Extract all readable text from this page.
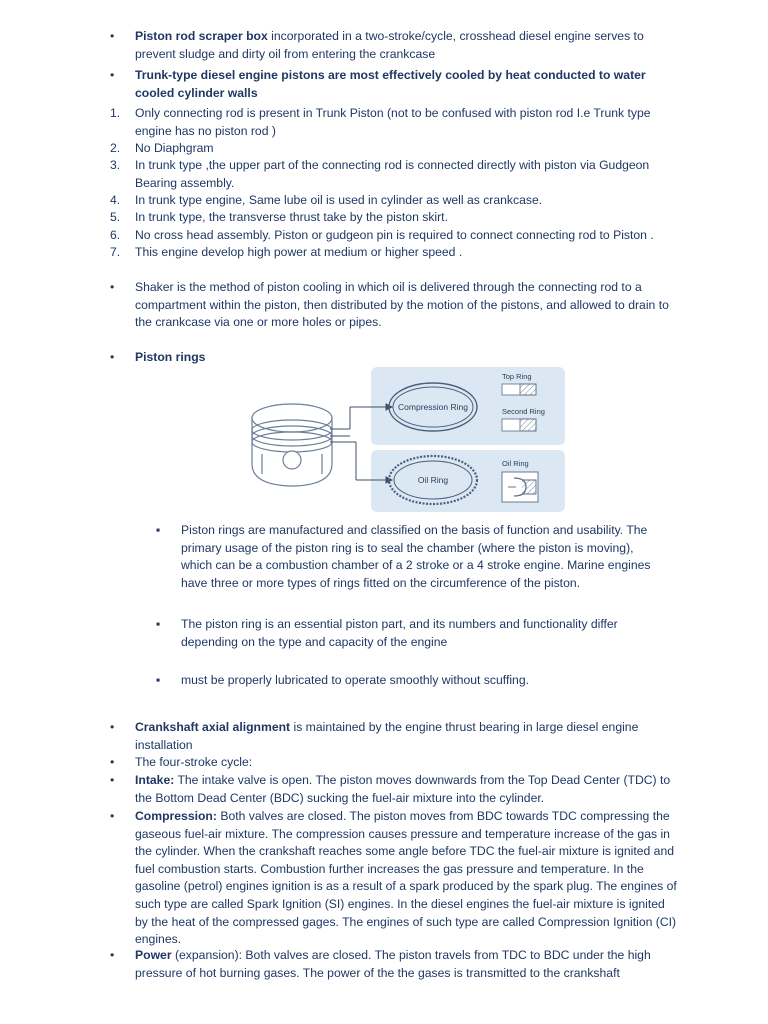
•	Piston rod scraper box incorporated in a two-stroke/cycle, crosshead diesel engine serves to prevent sludge and dirty oil from entering the crankcase
•	Trunk-type diesel engine pistons are most effectively cooled by heat conducted to water cooled cylinder walls
1.	Only connecting rod is present in Trunk Piston (not to be confused with piston rod I.e Trunk type engine has no piston rod )
2.	No Diaphgram
3.	In trunk type ,the upper part of the connecting rod is connected directly with piston via Gudgeon Bearing assembly.
4.	In trunk type engine, Same lube oil is used in cylinder as well as crankcase.
5.	In trunk type, the transverse thrust take by the piston skirt.
6.	No cross head assembly. Piston or gudgeon pin is required to connect connecting rod to Piston .
7.	This engine develop high power at medium or higher speed .
•	Shaker is the method of piston cooling in which oil is delivered through the connecting rod to a compartment within the piston, then distributed by the motion of the pistons, and allowed to drain to the crankcase via one or more holes or pipes.
•	Piston rings
Compression Ring
Oil Ring
Top Ring
Second Ring
Oil Ring
▪	Piston rings are manufactured and classified on the basis of function and usability. The primary usage of the piston ring is to seal the chamber (where the piston is moving), which can be a combustion chamber of a 2 stroke or a 4 stroke engine. Marine engines have three or more types of rings fitted on the circumference of the piston.
▪	The piston ring is an essential piston part, and its numbers and functionality differ depending on the type and capacity of the engine
▪	must be properly lubricated to operate smoothly without scuffing.
•	Crankshaft axial alignment is maintained by the engine thrust bearing in large diesel engine installation
•	The four-stroke cycle:
•	Intake: The intake valve is open. The piston moves downwards from the Top Dead Center (TDC) to the Bottom Dead Center (BDC) sucking the fuel-air mixture into the cylinder.
•	Compression: Both valves are closed. The piston moves from BDC towards TDC compressing the gaseous fuel-air mixture. The compression causes pressure and temperature increase of the gas in the cylinder. When the crankshaft reaches some angle before TDC the fuel-air mixture is ignited and fuel combustion starts. Combustion further increases the gas pressure and temperature. In the gasoline (petrol) engines ignition is as a result of a spark produced by the spark plug. The engines of such type are called Spark Ignition (SI) engines. In the diesel engines the fuel-air mixture is ignited by the heat of the compressed gages. The engines of such type are called Compression Ignition (CI) engines.
•	Power (expansion): Both valves are closed. The piston travels from TDC to BDC under the high pressure of hot burning gases. The power of the the gases is transmitted to the crankshaft
